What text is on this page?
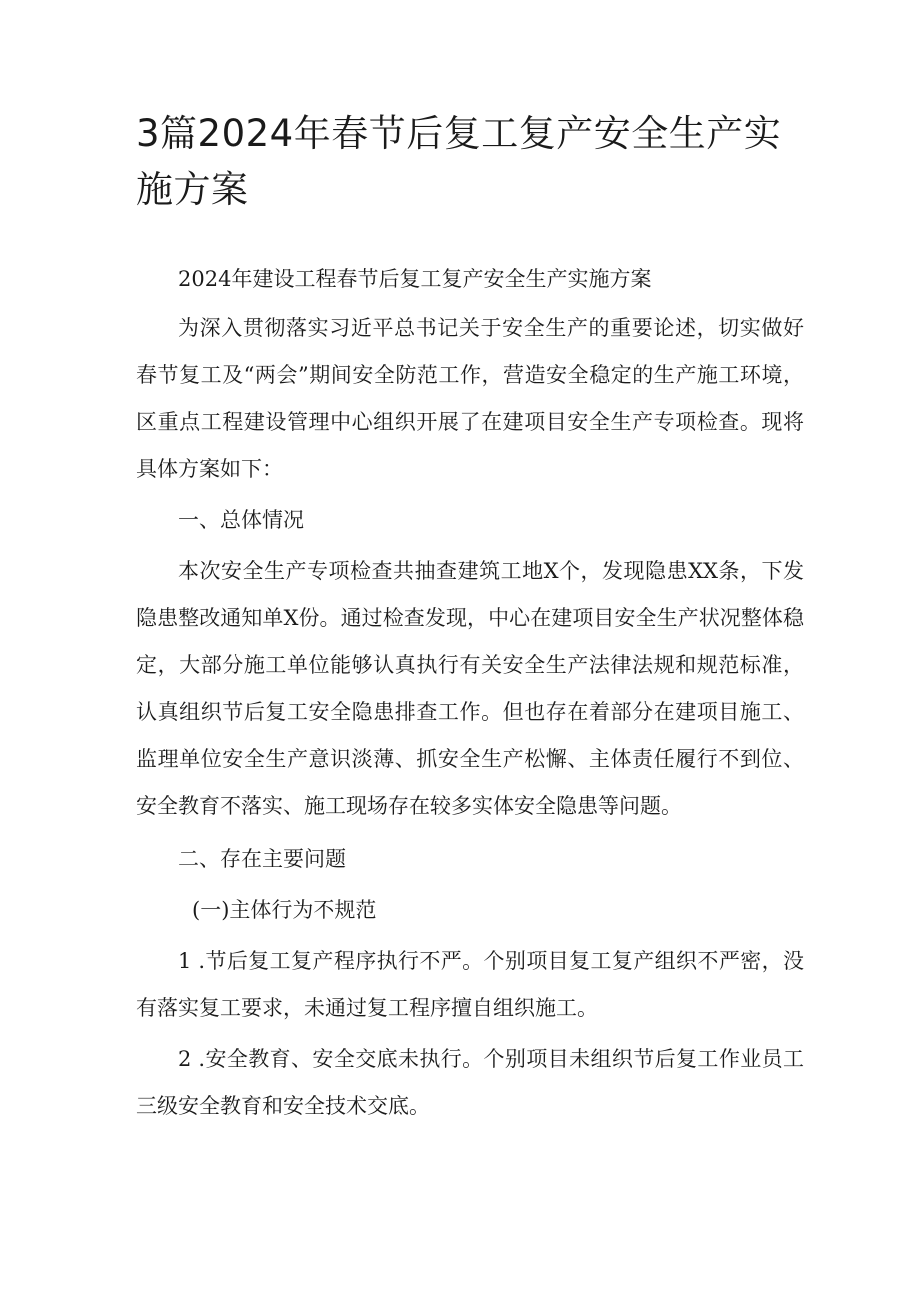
3篇2024年春节后复工复产安全生产实施方案

2024年建设工程春节后复工复产安全生产实施方案

为深入贯彻落实习近平总书记关于安全生产的重要论述，切实做好春节复工及“两会”期间安全防范工作，营造安全稳定的生产施工环境，区重点工程建设管理中心组织开展了在建项目安全生产专项检查。现将具体方案如下：

一、总体情况

本次安全生产专项检查共抽查建筑工地X个，发现隐患XX条，下发隐患整改通知单X份。通过检查发现，中心在建项目安全生产状况整体稳定，大部分施工单位能够认真执行有关安全生产法律法规和规范标准，认真组织节后复工安全隐患排查工作。但也存在着部分在建项目施工、监理单位安全生产意识淡薄、抓安全生产松懈、主体责任履行不到位、安全教育不落实、施工现场存在较多实体安全隐患等问题。

二、存在主要问题

(一)主体行为不规范

1 .节后复工复产程序执行不严。个别项目复工复产组织不严密，没有落实复工要求，未通过复工程序擅自组织施工。

2 .安全教育、安全交底未执行。个别项目未组织节后复工作业员工三级安全教育和安全技术交底。
